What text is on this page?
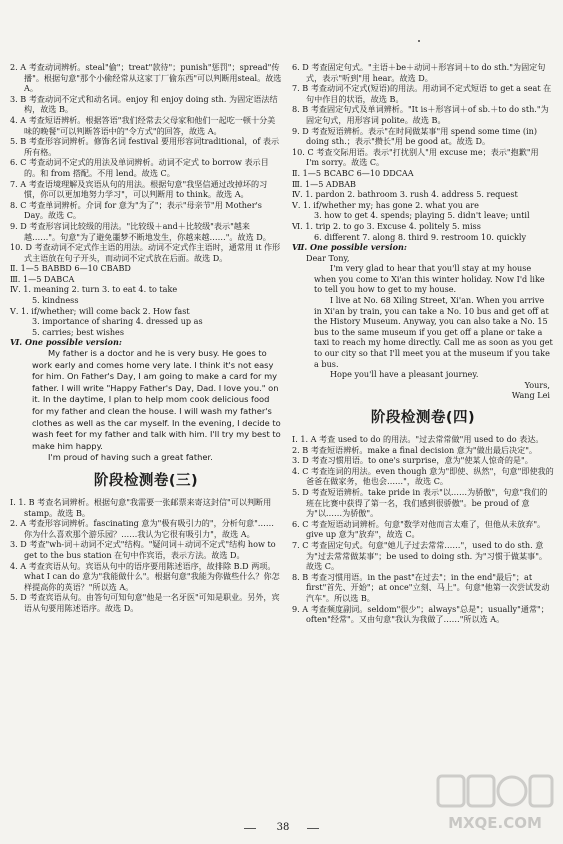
2. A 考查动词辨析。steal"偷"；treat"款待"；punish"惩罚"；spread"传播"。根据句意"那个小偷经常从这家丁厂偷东西"可以判断用steal。故选A。

3. B 考查动词不定式和动名词。enjoy 和 enjoy doing sth. 为固定语法结构，故选 B。

4. A 考查短语辨析。根据答语"我们经常去父母家和他们一起吃一顿十分美味的晚餐"可以判断答语中的"令方式"的回答，故选 A。

5. B 考查形容词辨析。修饰名词 festival 要用形容词traditional，of 表示所有格。

6. C 考查动词不定式的用法及单词辨析。动词不定式 to borrow 表示目的。和 from 搭配。不用 lend。故选 C。

7. A 考查语境理解及宾语从句的用法。根据句意"我坚信通过改掉坏的习惯，你可以更加地努力学习"，可以判断用 to think。故选 A。

8. C 考查单词辨析。介词 for 意为"为了"；表示"母亲节"用 Mother's Day。故选 C。

9. D 考查形容词比较级的用法。"比较级＋and＋比较级"表示"越来越……"。句意"为了避免噩梦不断地发生，你越来越……"。故选 D。

10. D 考查动词不定式作主语的用法。动词不定式作主语时，通常用 it 作形式主语放在句子开头，而动词不定式放在后面。故选 D。

Ⅱ. 1—5 BABBD 6—10 CBABD

Ⅲ. 1—5 DABCA

Ⅳ. 1. meaning 2. turn 3. to eat 4. to take

5. kindness

Ⅴ. 1. if/whether; will come back 2. How fast

3. importance of sharing 4. dressed up as

5. carries; best wishes

Ⅵ. One possible version:

My father is a doctor and he is very busy. He goes to work early and comes home very late. I think it's not easy for him. On Father's Day, I am going to make a card for my father. I will write "Happy Father's Day, Dad. I love you." on it. In the daytime, I plan to help mom cook delicious food for my father and clean the house. I will wash my father's clothes as well as the car myself. In the evening, I decide to wash feet for my father and talk with him. I'll try my best to make him happy.

I'm proud of having such a great father.

阶段检测卷(三)

Ⅰ. 1. B 考查名词辨析。根据句意"我需要一张邮票来寄这封信"可以判断用stamp。故选 B。

2. A 考查形容词辨析。fascinating 意为"极有吸引力的"，分析句意"……你为什么喜欢那个游乐园？……我认为它很有吸引力"，故选 A。

3. D 考查"wh-词＋动词不定式"结构。"疑问词＋动词不定式"结构 how to get to the bus station 在句中作宾语，表示方法。故选 D。

4. A 考查宾语从句。宾语从句中的语序要用陈述语序，故排除 B.D 两项。what I can do 意为"我能做什么"。根据句意"我能为你做些什么？你怎样提高你的英语？"所以选 A。

5. D 考查宾语从句。由答句可知句意"他是一名牙医"可知是职业。另外，宾语从句要用陈述语序。故选 D。

6. D 考查固定句式。"主语＋be＋动词＋形容词＋to do sth."为固定句式，表示"听到"用 hear。故选 D。

7. B 考查动词不定式(短语)的用法。用动词不定式短语 to get a seat 在句中作目的状语，故选 B。

8. B 考查固定句式及单词辨析。"It is＋形容词＋of sb.＋to do sth."为固定句式，用形容词 polite。故选 B。

9. D 考查短语辨析。表示"在时间做某事"用 spend some time (in) doing sth.；表示"攒长"用 be good at。故选 D。

10. C 考查交际用语。表示"打扰别人"用 excuse me；表示"抱歉"用 I'm sorry。故选 C。

Ⅱ. 1—5 BCABC 6—10 DDCAA

Ⅲ. 1—5 ADBAB

Ⅳ. 1. pardon 2. bathroom 3. rush 4. address 5. request

Ⅴ. 1. if/whether my; has gone 2. what you are

3. how to get 4. spends; playing 5. didn't leave; until

Ⅵ. 1. trip 2. to go 3. Excuse 4. politely 5. miss

6. different 7. along 8. third 9. restroom 10. quickly

Ⅶ. One possible version:

Dear Tony,

I'm very glad to hear that you'll stay at my house when you come to Xi'an this winter holiday. Now I'd like to tell you how to get to my house.

I live at No. 68 Xiling Street, Xi'an. When you arrive in Xi'an by train, you can take a No. 10 bus and get off at the History Museum. Anyway, you can also take a No. 15 bus to the same museum if you get off a plane or take a taxi to reach my home directly. Call me as soon as you get to our city so that I'll meet you at the museum if you take a bus.

Hope you'll have a pleasant journey.

Yours,

Wang Lei

阶段检测卷(四)

Ⅰ. 1. A 考查 used to do 的用法。"过去常常做"用 used to do 表达。

2. B 考查短语辨析。make a final decision 意为"做出最后决定"。

3. D 考查习惯用语。to one's surprise，意为"使某人惊奇的是"。

4. C 考查连词的用法。even though 意为"即使、纵然"，句意"即使我的爸爸在做家务，他也会……"，故选 C。

5. D 考查短语辨析。take pride in 表示"以……为骄傲"，句意"我们的班在比赛中获得了第一名，我们感到很骄傲"。be proud of 意为"以……为骄傲"。

6. C 考查短语动词辨析。句意"数学对他而言太难了，但他从未放弃"。give up 意为"放弃"，故选 C。

7. C 考查固定句式。句意"她儿子过去常常……"，used to do sth. 意为"过去常常做某事"；be used to doing sth. 为"习惯于做某事"。故选 C。

8. B 考查习惯用语。in the past"在过去"；in the end"最后"；at first"首先、开始"；at once"立刻、马上"。句意"他第一次尝试发动汽车"。所以选 B。

9. A 考查频度副词。seldom"很少"；always"总是"；usually"通常"；often"经常"。又由句意"我认为我做了……"所以选 A。

38	MXQE.COM
